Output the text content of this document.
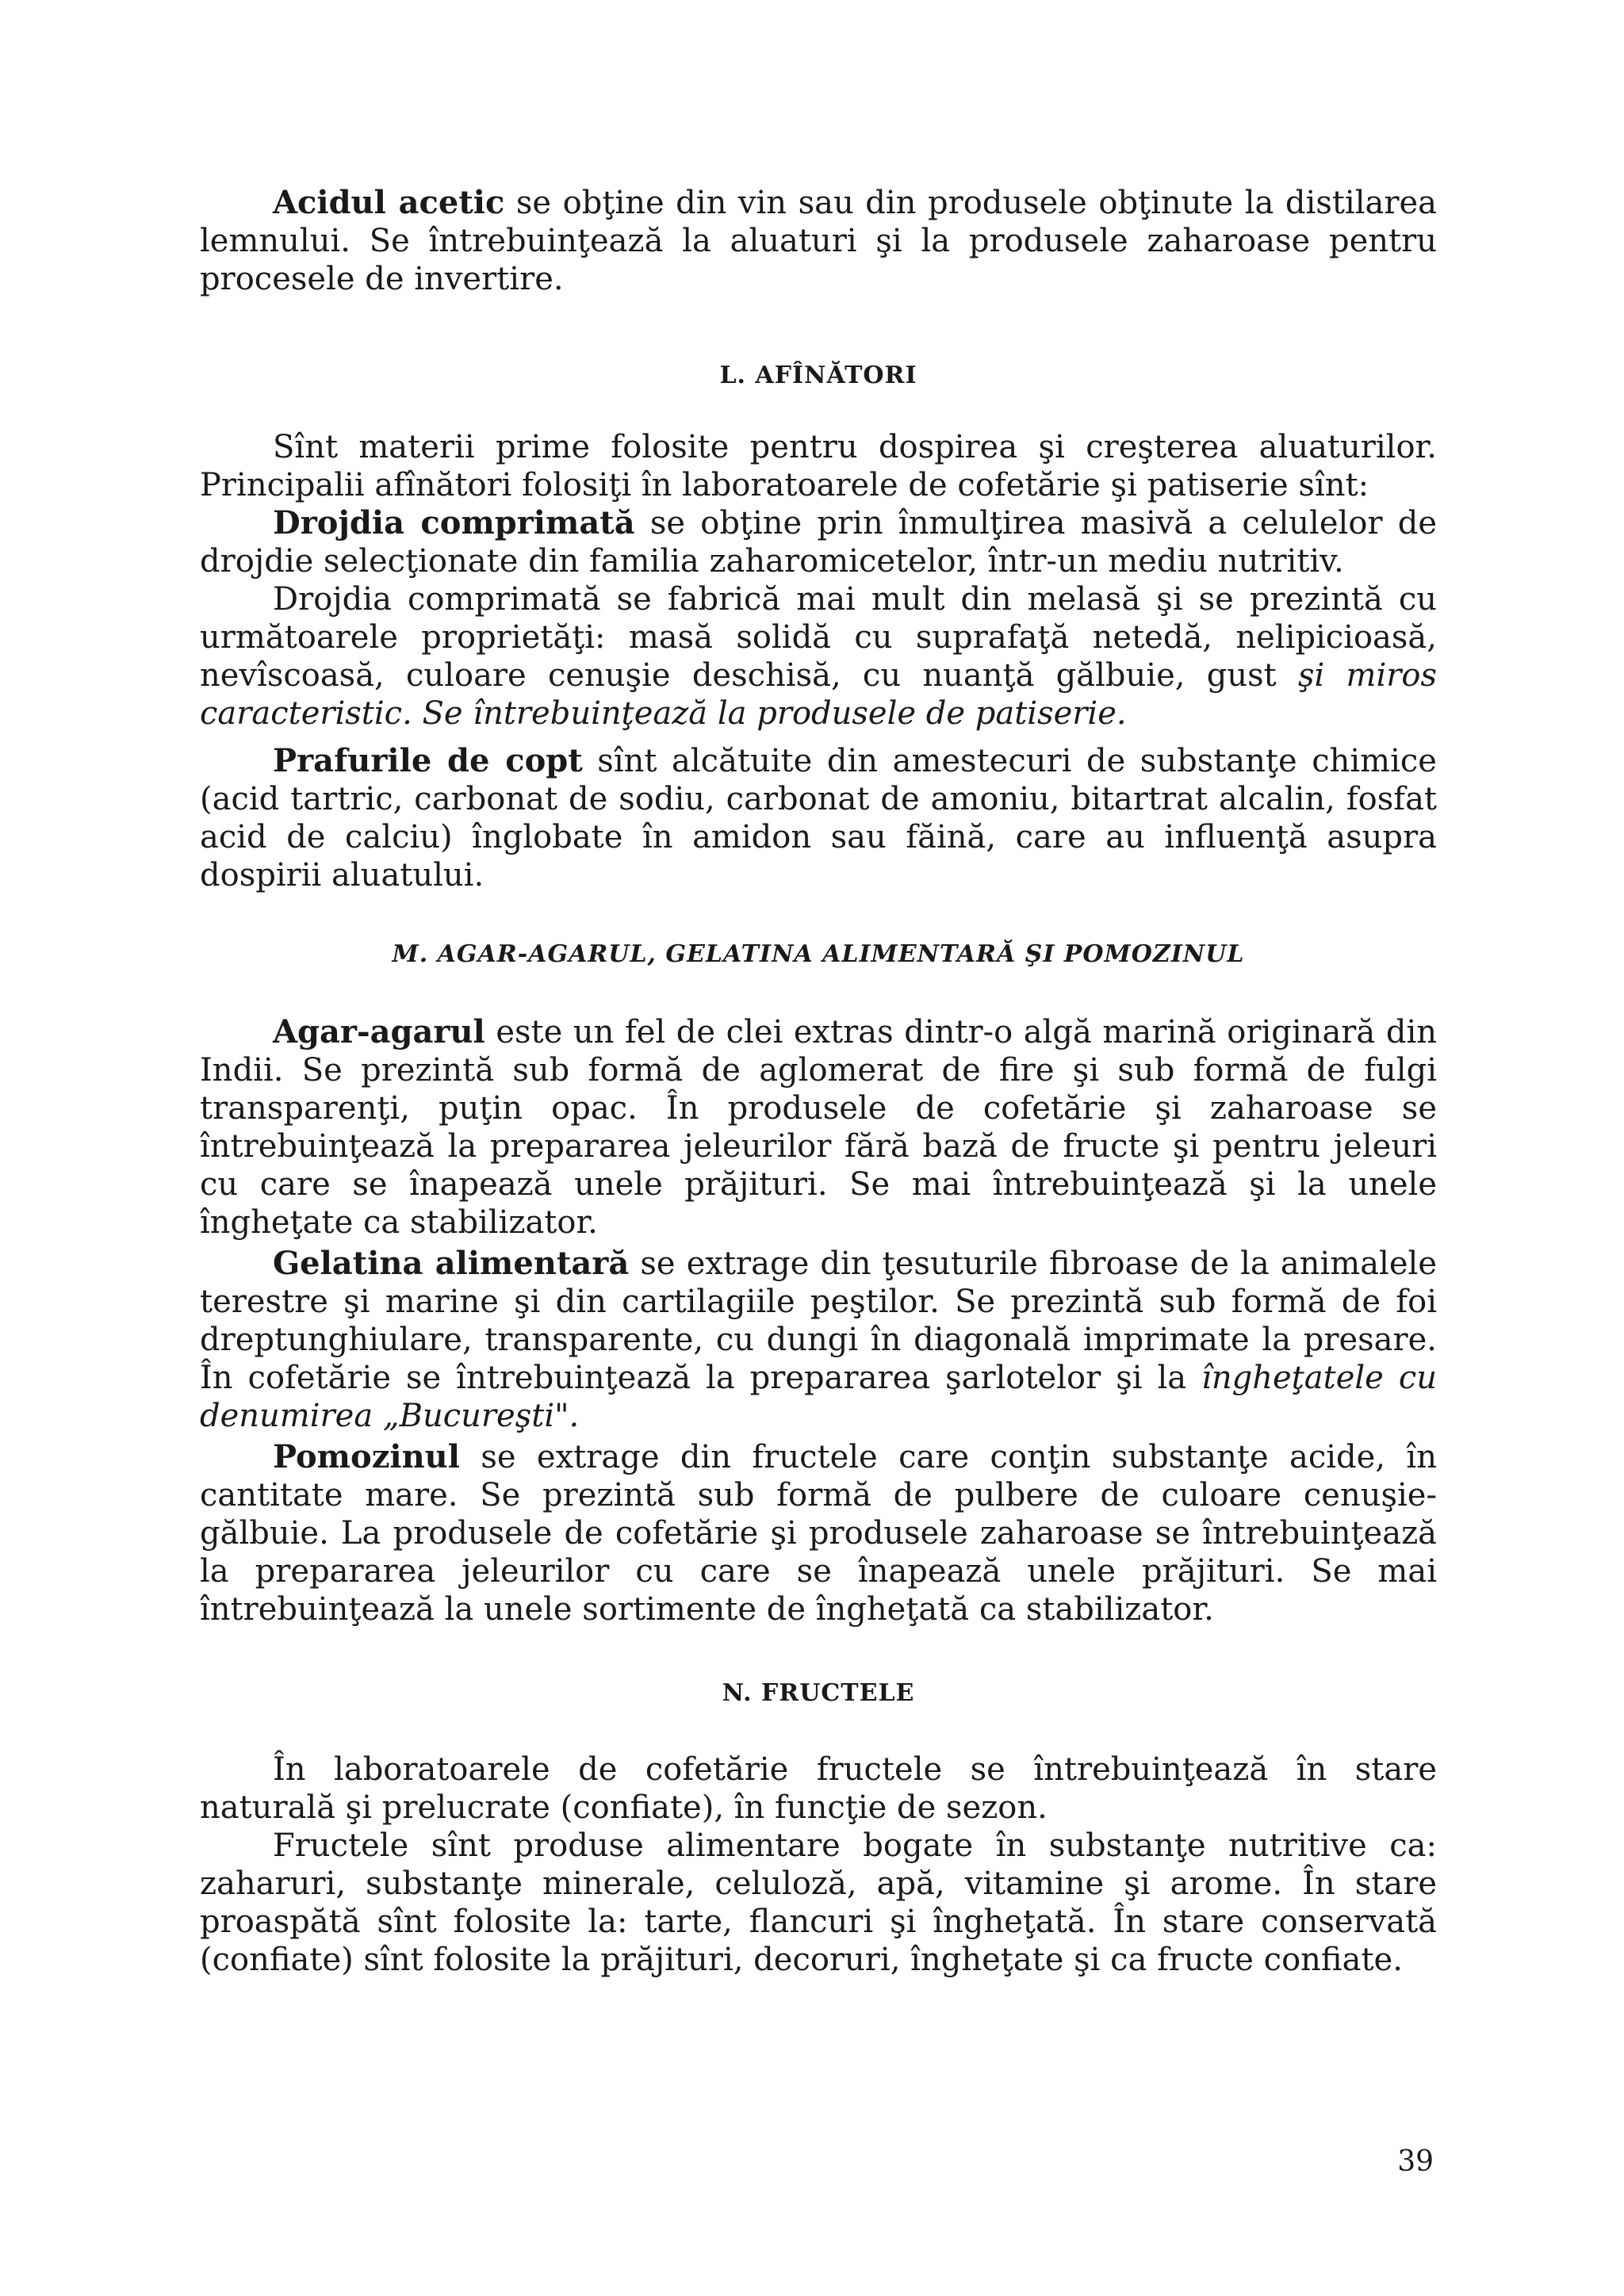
Acidul acetic se obţine din vin sau din produsele obţinute la distilarea lemnului. Se întrebuinţează la aluaturi şi la produsele zaharoase pentru procesele de invertire.

L. AFÎNĂTORI

Sînt materii prime folosite pentru dospirea şi creşterea aluaturilor. Principalii afînători folosiţi în laboratoarele de cofetărie şi patiserie sînt:

Drojdia comprimată se obţine prin înmulţirea masivă a celulelor de drojdie selecţionate din familia zaharomicetelor, într-un mediu nutritiv.

Drojdia comprimată se fabrică mai mult din melasă şi se prezintă cu următoarele proprietăţi: masă solidă cu suprafaţă netedă, nelipicioasă, nevîscoasă, culoare cenuşie deschisă, cu nuanţă gălbuie, gust şi miros caracteristic. Se întrebuinţează la produsele de patiserie.

Prafurile de copt sînt alcătuite din amestecuri de substanţe chimice (acid tartric, carbonat de sodiu, carbonat de amoniu, bitartrat alcalin, fosfat acid de calciu) înglobate în amidon sau făină, care au influenţă asupra dospirii aluatului.

M. AGAR-AGARUL, GELATINA ALIMENTARĂ ŞI POMOZINUL

Agar-agarul este un fel de clei extras dintr-o algă marină originară din Indii. Se prezintă sub formă de aglomerat de fire şi sub formă de fulgi transparenţi, puţin opac. În produsele de cofetărie şi zaharoase se întrebuinţează la prepararea jeleurilor fără bază de fructe şi pentru jeleuri cu care se înapează unele prăjituri. Se mai întrebuinţează şi la unele îngheţate ca stabilizator.

Gelatina alimentară se extrage din ţesuturile fibroase de la animalele terestre şi marine şi din cartilagiile peştilor. Se prezintă sub formă de foi dreptunghiulare, transparente, cu dungi în diagonală imprimate la presare. În cofetărie se întrebuinţează la prepararea şarlotelor şi la îngheţatele cu denumirea „Bucureşti".

Pomozinul se extrage din fructele care conţin substanţe acide, în cantitate mare. Se prezintă sub formă de pulbere de culoare cenuşie-gălbuie. La produsele de cofetărie şi produsele zaharoase se întrebuinţează la prepararea jeleurilor cu care se înapează unele prăjituri. Se mai întrebuinţează la unele sortimente de îngheţată ca stabilizator.

N. FRUCTELE

În laboratoarele de cofetărie fructele se întrebuinţează în stare naturală şi prelucrate (confiate), în funcţie de sezon.

Fructele sînt produse alimentare bogate în substanţe nutritive ca: zaharuri, substanţe minerale, celuloză, apă, vitamine şi arome. În stare proaspătă sînt folosite la: tarte, flancuri şi îngheţată. În stare conservată (confiate) sînt folosite la prăjituri, decoruri, îngheţate şi ca fructe confiate.

39
